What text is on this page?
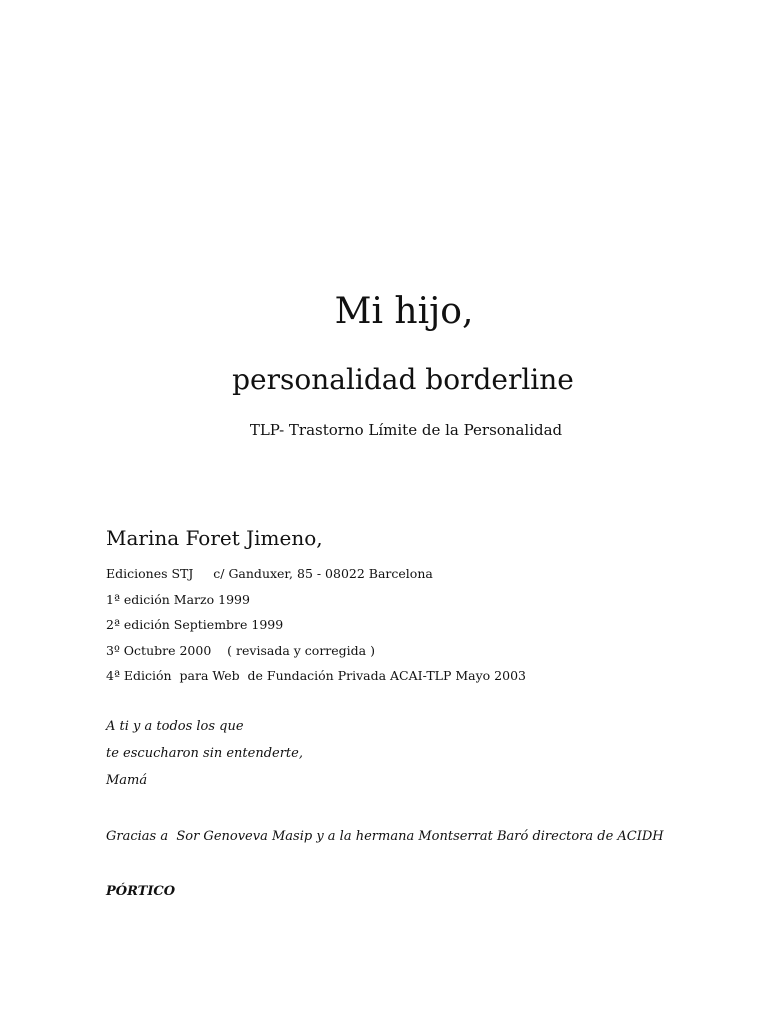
Mi hijo,
personalidad borderline

TLP- Trastorno Límite de la Personalidad

Marina Foret Jimeno,
Ediciones STJ     c/ Ganduxer, 85 - 08022 Barcelona
1ª edición Marzo 1999
2ª edición Septiembre 1999
3º Octubre 2000    ( revisada y corregida )
4ª Edición  para Web  de Fundación Privada ACAI-TLP Mayo 2003
A ti y a todos los que
te escucharon sin entenderte,
Mamá

Gracias a  Sor Genoveva Masip y a la hermana Montserrat Baró directora de ACIDH

PÓRTICO
